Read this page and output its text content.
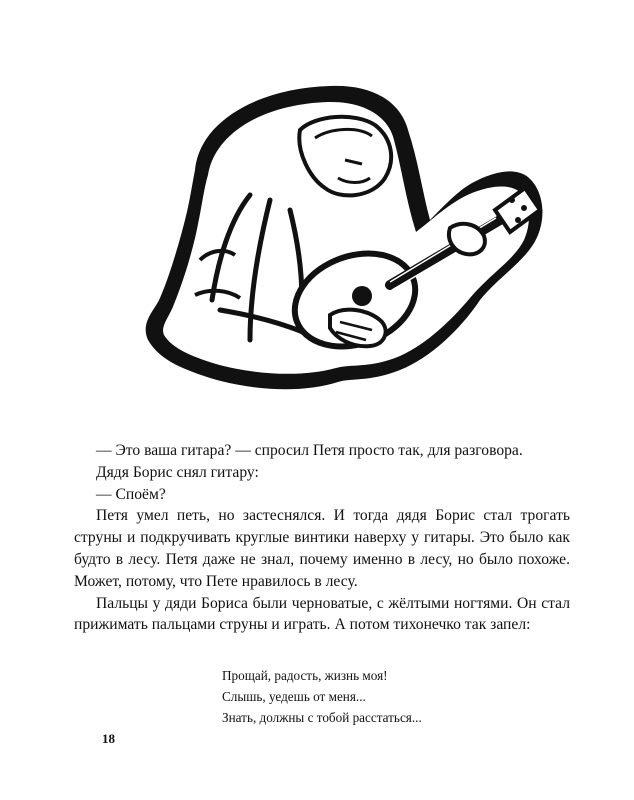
— Это ваша гитара? — спросил Петя просто так, для разговора.

Дядя Борис снял гитару:

— Споём?

Петя умел петь, но застеснялся. И тогда дядя Борис стал трогать струны и подкручивать круглые винтики наверху у гитары. Это было как будто в лесу. Петя даже не знал, почему именно в лесу, но было похоже. Может, потому, что Пете нравилось в лесу.

Пальцы у дяди Бориса были черноватые, с жёлтыми ногтями. Он стал прижимать пальцами струны и играть. А потом тихонечко так запел:

Прощай, радость, жизнь моя!
Слышь, уедешь от меня...
Знать, должны с тобой расстаться...
18
